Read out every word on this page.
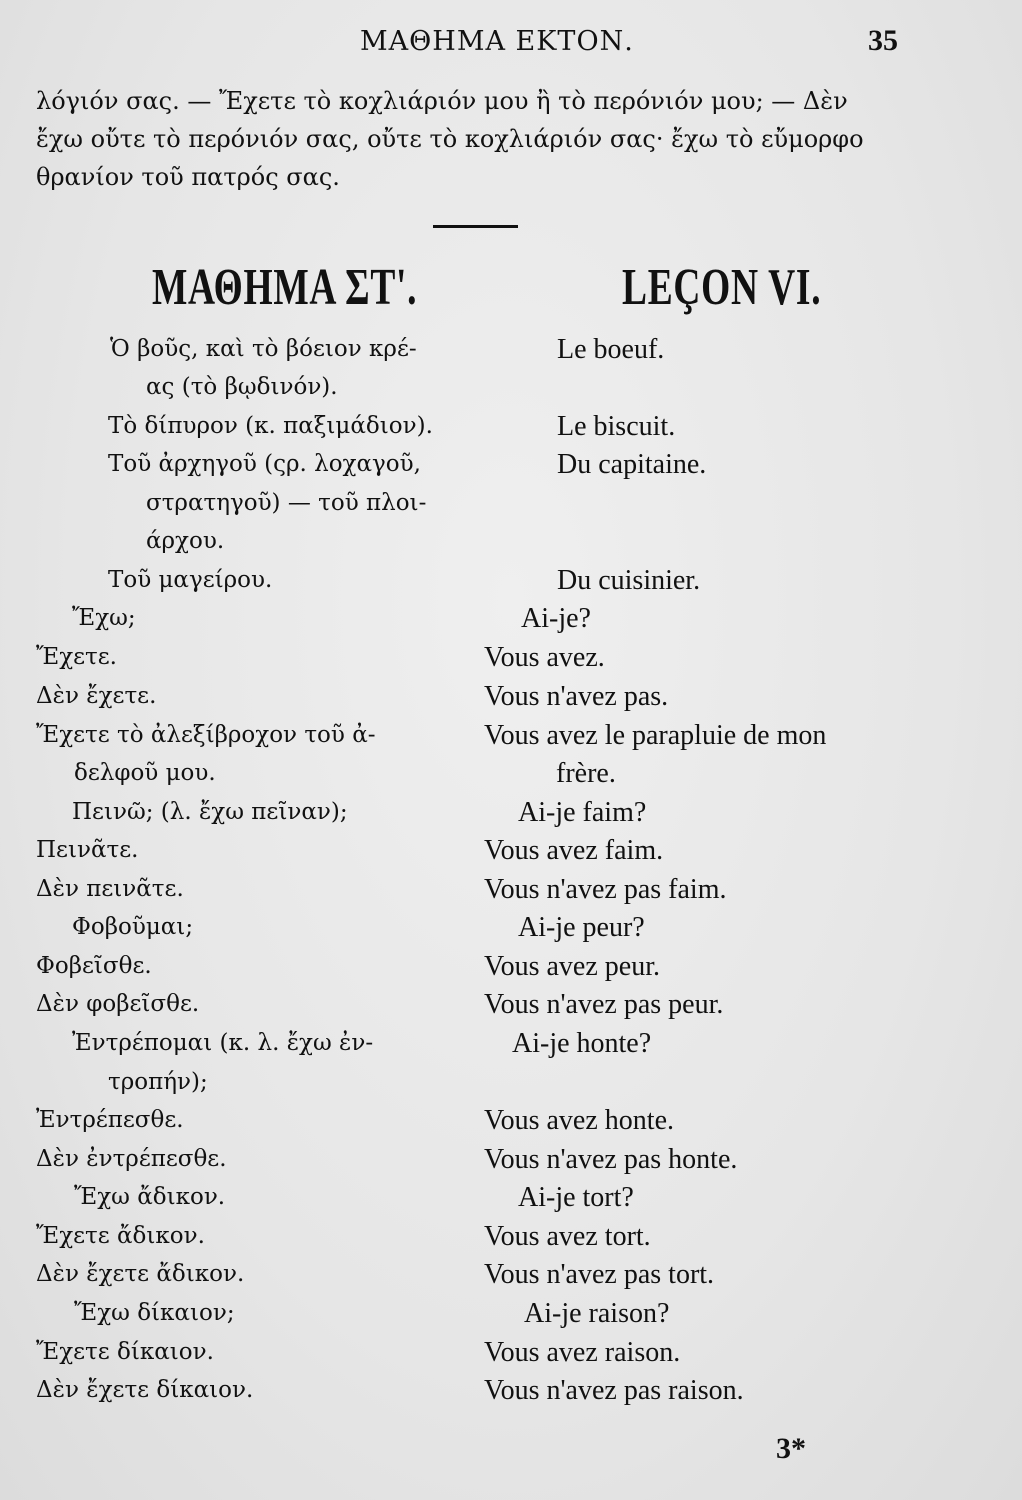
ΜΑΘΗΜΑ ΕΚΤΟΝ.	35
λόγιόν σας. — Ἔχετε τὸ κοχλιάριόν μου ἢ τὸ περόνιόν μου; — Δὲν
ἔχω οὔτε τὸ περόνιόν σας, οὔτε τὸ κοχλιάριόν σας· ἔχω τὸ εὔμορφο
θρανίον τοῦ πατρός σας.
ΜΑΘΗΜΑ ΣΤ'.	LEÇON VI.
Ὁ βοῦς, καὶ τὸ βόειον κρέ-
ας (τὸ βῳδινόν).
Τὸ δίπυρον (κ. παξιμάδιον).
Τοῦ ἀρχηγοῦ (ςρ. λοχαγοῦ,
στρατηγοῦ) — τοῦ πλοι-
άρχου.
Τοῦ μαγείρου.
Ἔχω;
Ἔχετε.
Δὲν ἔχετε.
Ἔχετε τὸ ἀλεξίβροχον τοῦ ἀ-
δελφοῦ μου.
Πεινῶ; (λ. ἔχω πεῖναν);
Πεινᾶτε.
Δὲν πεινᾶτε.
Φοβοῦμαι;
Φοβεῖσθε.
Δὲν φοβεῖσθε.
Ἐντρέπομαι (κ. λ. ἔχω ἐν-
τροπήν);
Ἐντρέπεσθε.
Δὲν ἐντρέπεσθε.
Ἔχω ἄδικον.
Ἔχετε ἄδικον.
Δὲν ἔχετε ἄδικον.
Ἔχω δίκαιον;
Ἔχετε δίκαιον.
Δὲν ἔχετε δίκαιον.
Le boeuf.
Le biscuit.
Du capitaine.
Du cuisinier.
Ai-je?
Vous avez.
Vous n'avez pas.
Vous avez le parapluie de mon
frère.
Ai-je faim?
Vous avez faim.
Vous n'avez pas faim.
Ai-je peur?
Vous avez peur.
Vous n'avez pas peur.
Ai-je honte?
Vous avez honte.
Vous n'avez pas honte.
Ai-je tort?
Vous avez tort.
Vous n'avez pas tort.
Ai-je raison?
Vous avez raison.
Vous n'avez pas raison.
3*
